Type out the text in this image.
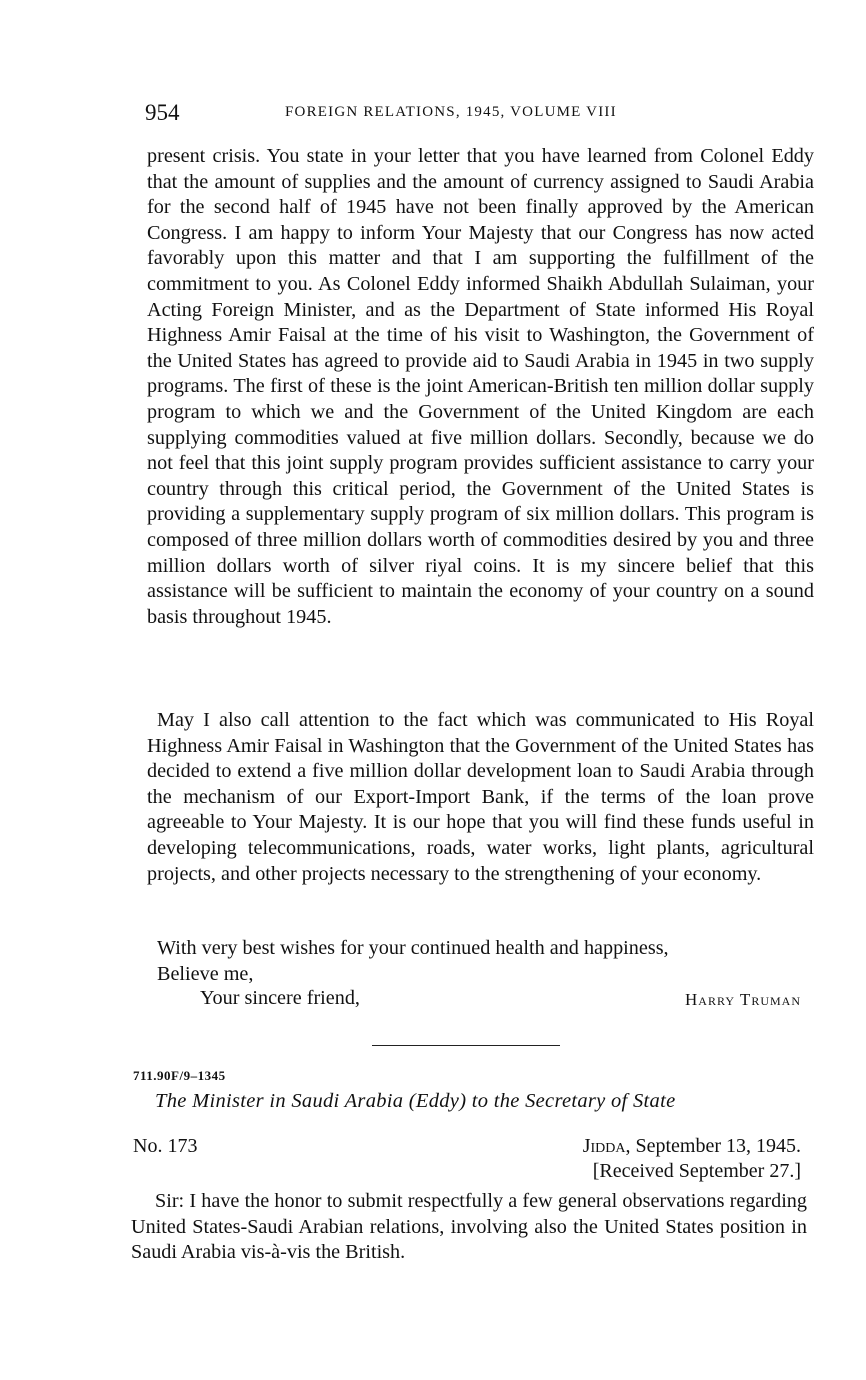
954	FOREIGN RELATIONS, 1945, VOLUME VIII

present crisis. You state in your letter that you have learned from Colonel Eddy that the amount of supplies and the amount of currency assigned to Saudi Arabia for the second half of 1945 have not been finally approved by the American Congress. I am happy to inform Your Majesty that our Congress has now acted favorably upon this matter and that I am supporting the fulfillment of the commitment to you. As Colonel Eddy informed Shaikh Abdullah Sulaiman, your Acting Foreign Minister, and as the Department of State informed His Royal Highness Amir Faisal at the time of his visit to Washington, the Government of the United States has agreed to provide aid to Saudi Arabia in 1945 in two supply programs. The first of these is the joint American-British ten million dollar supply program to which we and the Government of the United Kingdom are each supplying commodities valued at five million dollars. Secondly, because we do not feel that this joint supply program provides sufficient assistance to carry your country through this critical period, the Government of the United States is providing a supplementary supply program of six million dollars. This program is composed of three million dollars worth of commodities desired by you and three million dollars worth of silver riyal coins. It is my sincere belief that this assistance will be sufficient to maintain the economy of your country on a sound basis throughout 1945.

May I also call attention to the fact which was communicated to His Royal Highness Amir Faisal in Washington that the Government of the United States has decided to extend a five million dollar development loan to Saudi Arabia through the mechanism of our Export-Import Bank, if the terms of the loan prove agreeable to Your Majesty. It is our hope that you will find these funds useful in developing telecommunications, roads, water works, light plants, agricultural projects, and other projects necessary to the strengthening of your economy.

With very best wishes for your continued health and happiness,
Believe me,
Your sincere friend,	Harry Truman
711.90F/9–1345
The Minister in Saudi Arabia (Eddy) to the Secretary of State
No. 173	Jidda, September 13, 1945.
[Received September 27.]

Sir: I have the honor to submit respectfully a few general observations regarding United States-Saudi Arabian relations, involving also the United States position in Saudi Arabia vis-à-vis the British.
